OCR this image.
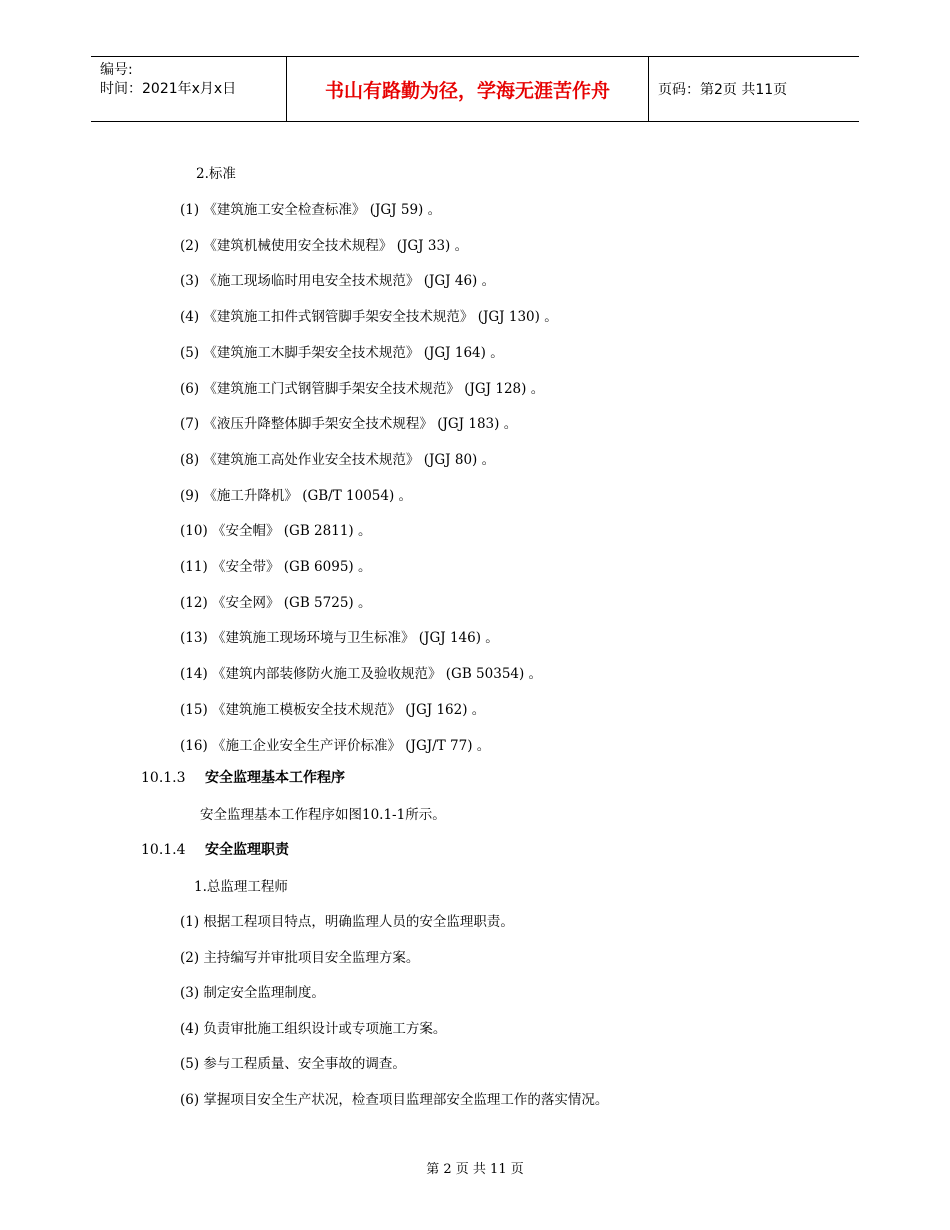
编号:
时间：2021年x月x日	书山有路勤为径，学海无涯苦作舟	页码：第2页 共11页
2.标准
(1) 《建筑施工安全检查标准》 (JGJ 59) 。
(2) 《建筑机械使用安全技术规程》 (JGJ 33) 。
(3) 《施工现场临时用电安全技术规范》 (JGJ 46) 。
(4) 《建筑施工扣件式钢管脚手架安全技术规范》 (JGJ 130) 。
(5) 《建筑施工木脚手架安全技术规范》 (JGJ 164) 。
(6) 《建筑施工门式钢管脚手架安全技术规范》 (JGJ 128) 。
(7) 《液压升降整体脚手架安全技术规程》 (JGJ 183) 。
(8) 《建筑施工高处作业安全技术规范》 (JGJ 80) 。
(9) 《施工升降机》 (GB/T 10054) 。
(10) 《安全帽》 (GB 2811) 。
(11) 《安全带》 (GB 6095) 。
(12) 《安全网》 (GB 5725) 。
(13) 《建筑施工现场环境与卫生标准》 (JGJ 146) 。
(14) 《建筑内部装修防火施工及验收规范》 (GB 50354) 。
(15) 《建筑施工模板安全技术规范》 (JGJ 162) 。
(16) 《施工企业安全生产评价标准》 (JGJ/T 77) 。
10.1.3 安全监理基本工作程序
安全监理基本工作程序如图10.1-1所示。
10.1.4 安全监理职责
1.总监理工程师
(1) 根据工程项目特点，明确监理人员的安全监理职责。
(2) 主持编写并审批项目安全监理方案。
(3) 制定安全监理制度。
(4) 负责审批施工组织设计或专项施工方案。
(5) 参与工程质量、安全事故的调查。
(6) 掌握项目安全生产状况，检查项目监理部安全监理工作的落实情况。
第 2 页 共 11 页
